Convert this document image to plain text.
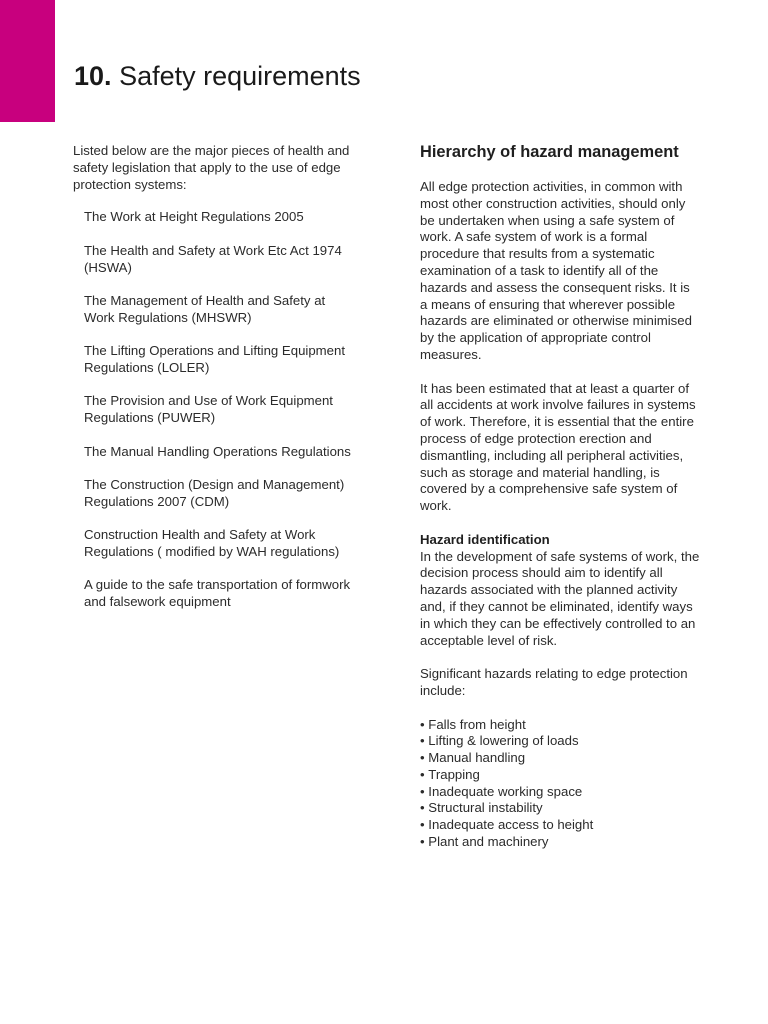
10. Safety requirements

Listed below are the major pieces of health and safety legislation that apply to the use of edge protection systems:

The Work at Height Regulations 2005
The Health and Safety at Work Etc Act 1974 (HSWA)
The Management of Health and Safety at Work Regulations (MHSWR)
The Lifting Operations and Lifting Equipment Regulations (LOLER)
The Provision and Use of Work Equipment Regulations (PUWER)
The Manual Handling Operations Regulations
The Construction (Design and Management) Regulations 2007 (CDM)
Construction Health and Safety at Work Regulations ( modified by WAH regulations)
A guide to the safe transportation of formwork and falsework equipment
Hierarchy of hazard management

All edge protection activities, in common with most other construction activities, should only be undertaken when using a safe system of work. A safe system of work is a formal procedure that results from a systematic examination of a task to identify all of the hazards and assess the consequent risks. It is a means of ensuring that wherever possible hazards are eliminated or otherwise minimised by the application of appropriate control measures.

It has been estimated that at least a quarter of all accidents at work involve failures in systems of work. Therefore, it is essential that the entire process of edge protection erection and dismantling, including all peripheral activities, such as storage and material handling, is covered by a comprehensive safe system of work.

Hazard identification

In the development of safe systems of work, the decision process should aim to identify all hazards associated with the planned activity and, if they cannot be eliminated, identify ways in which they can be effectively controlled to an acceptable level of risk.

Significant hazards relating to edge protection include:

• Falls from height
• Lifting & lowering of loads
• Manual handling
• Trapping
• Inadequate working space
• Structural instability
• Inadequate access to height
• Plant and machinery
